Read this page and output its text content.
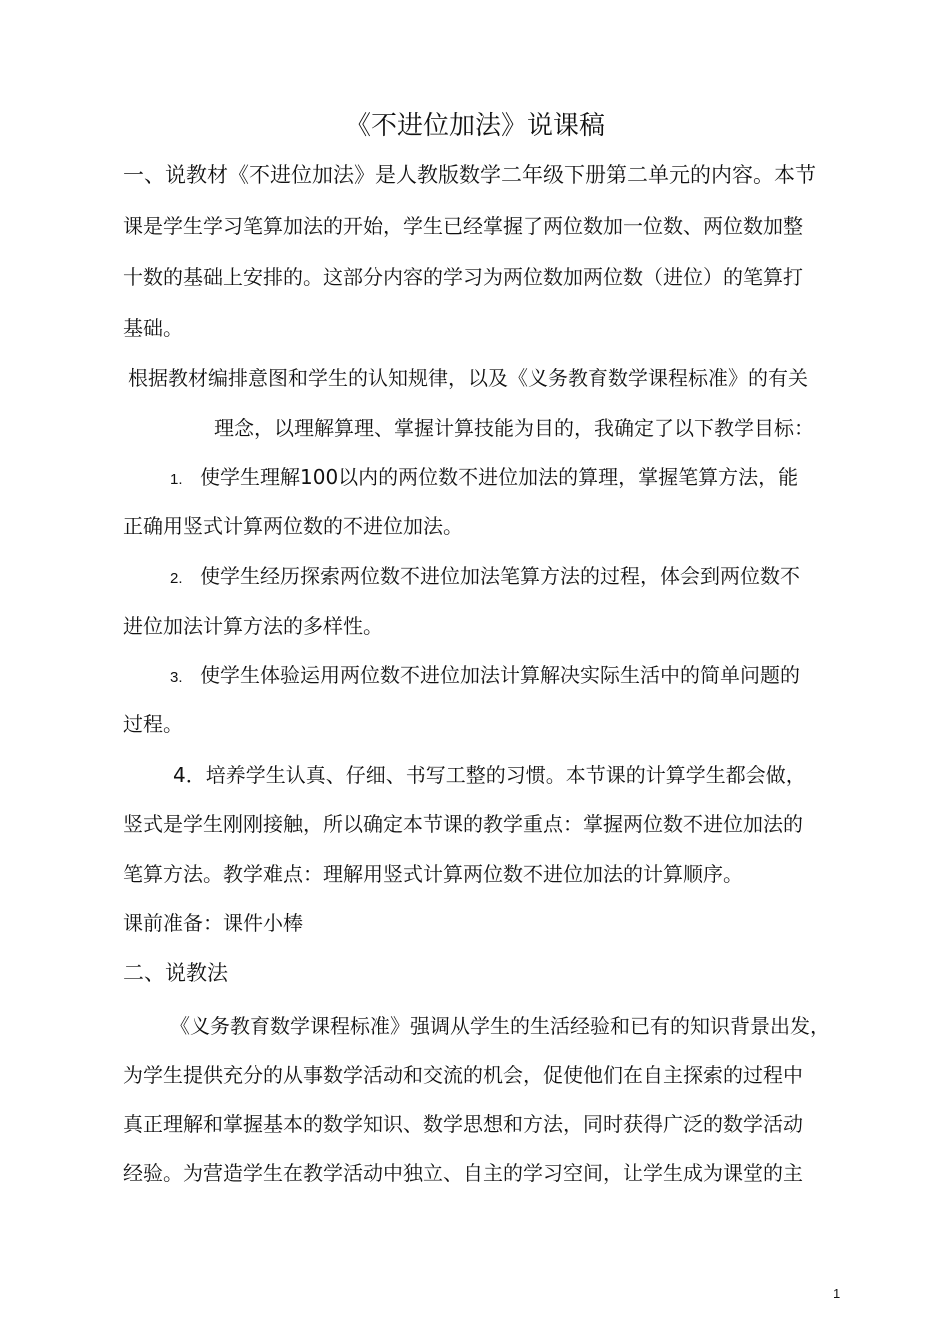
《不进位加法》说课稿
一、说教材《不进位加法》是人教版数学二年级下册第二单元的内容。本节
课是学生学习笔算加法的开始，学生已经掌握了两位数加一位数、两位数加整
十数的基础上安排的。这部分内容的学习为两位数加两位数（进位）的笔算打
基础。
根据教材编排意图和学生的认知规律，以及《义务教育数学课程标准》的有关
理念，以理解算理、掌握计算技能为目的，我确定了以下教学目标：
1. 使学生理解100以内的两位数不进位加法的算理，掌握笔算方法，能
正确用竖式计算两位数的不进位加法。
2. 使学生经历探索两位数不进位加法笔算方法的过程，体会到两位数不
进位加法计算方法的多样性。
3. 使学生体验运用两位数不进位加法计算解决实际生活中的简单问题的
过程。
4．培养学生认真、仔细、书写工整的习惯。本节课的计算学生都会做，
竖式是学生刚刚接触，所以确定本节课的教学重点：掌握两位数不进位加法的
笔算方法。教学难点：理解用竖式计算两位数不进位加法的计算顺序。
课前准备：课件小棒
二、说教法
《义务教育数学课程标准》强调从学生的生活经验和已有的知识背景出发，
为学生提供充分的从事数学活动和交流的机会，促使他们在自主探索的过程中
真正理解和掌握基本的数学知识、数学思想和方法，同时获得广泛的数学活动
经验。为营造学生在教学活动中独立、自主的学习空间，让学生成为课堂的主
1
